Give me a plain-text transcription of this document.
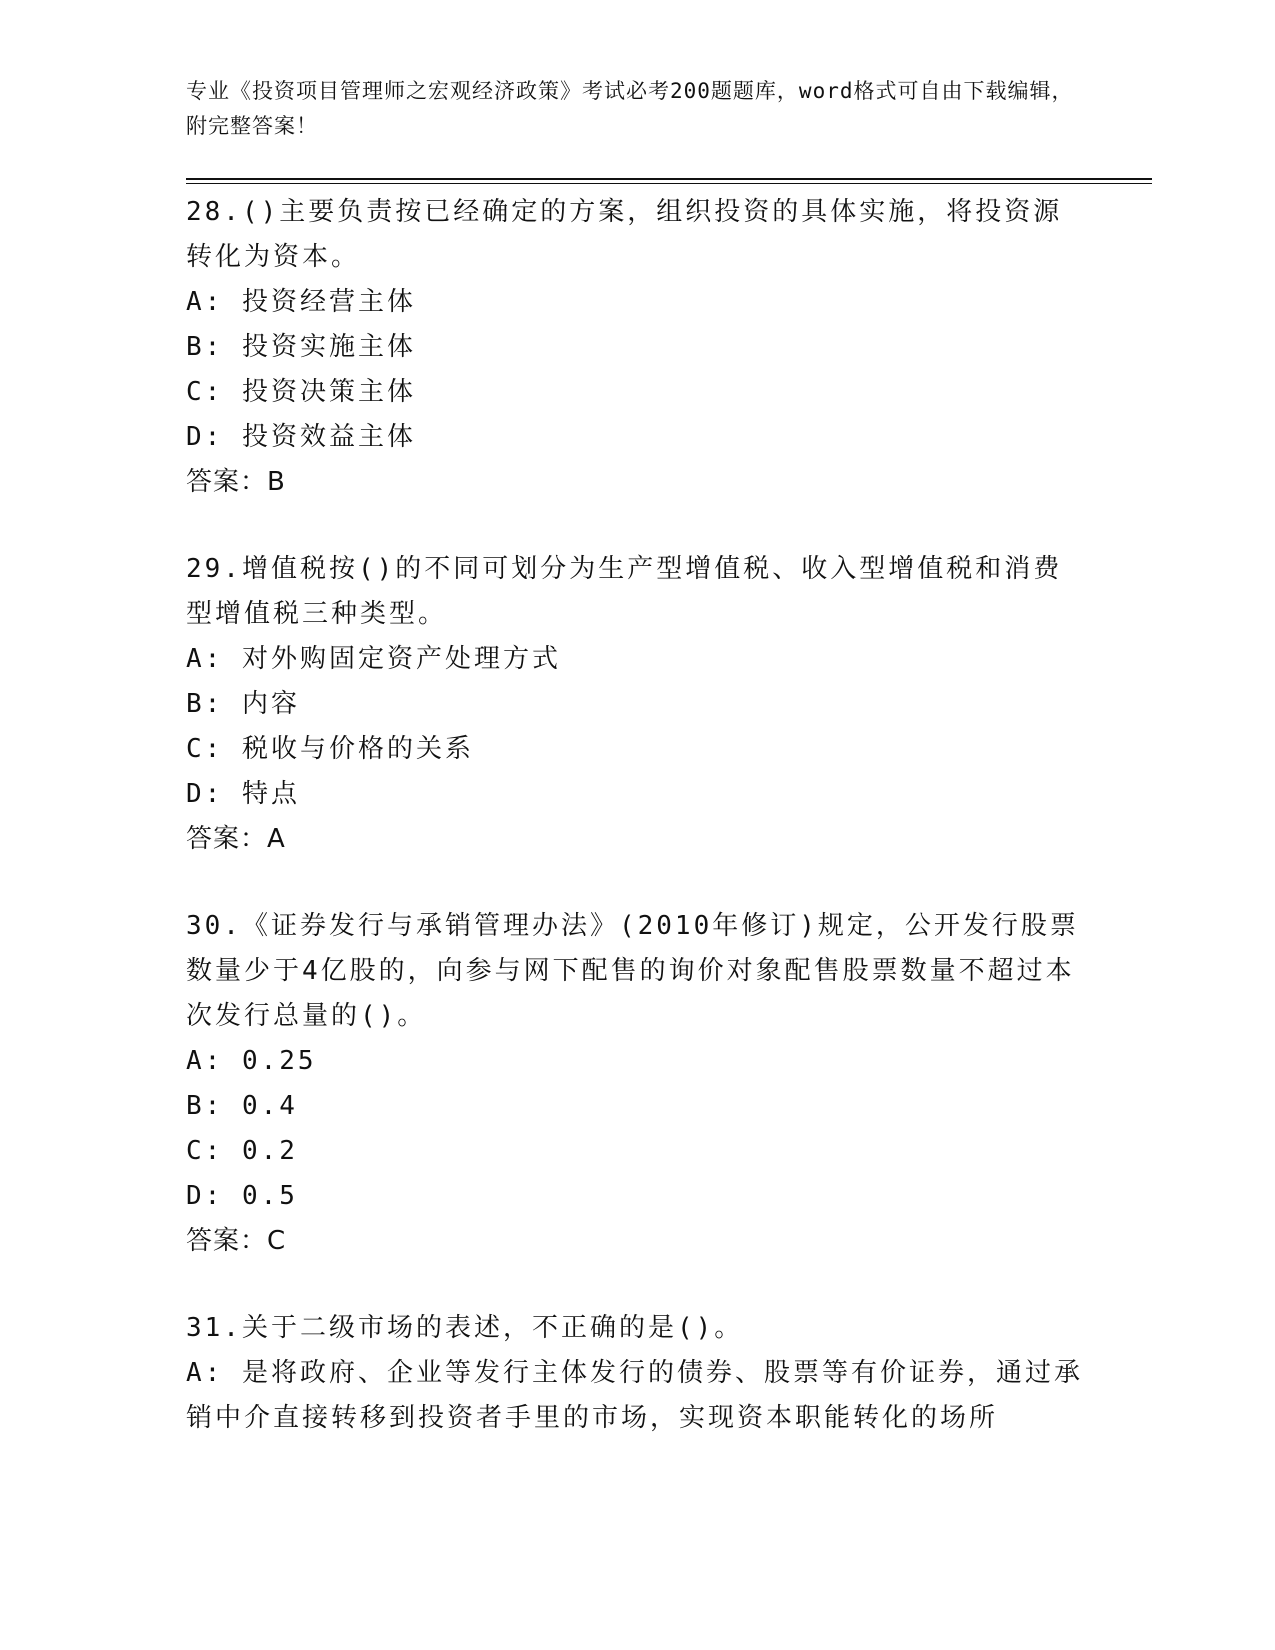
专业《投资项目管理师之宏观经济政策》考试必考200题题库，word格式可自由下载编辑，附完整答案！

28.()主要负责按已经确定的方案，组织投资的具体实施，将投资源转化为资本。

A: 投资经营主体

B: 投资实施主体

C: 投资决策主体

D: 投资效益主体

答案：B

29.增值税按()的不同可划分为生产型增值税、收入型增值税和消费型增值税三种类型。

A: 对外购固定资产处理方式

B: 内容

C: 税收与价格的关系

D: 特点

答案：A

30.《证券发行与承销管理办法》(2010年修订)规定，公开发行股票数量少于4亿股的，向参与网下配售的询价对象配售股票数量不超过本次发行总量的()。

A: 0.25

B: 0.4

C: 0.2

D: 0.5

答案：C

31.关于二级市场的表述，不正确的是()。

A: 是将政府、企业等发行主体发行的债券、股票等有价证券，通过承销中介直接转移到投资者手里的市场，实现资本职能转化的场所
